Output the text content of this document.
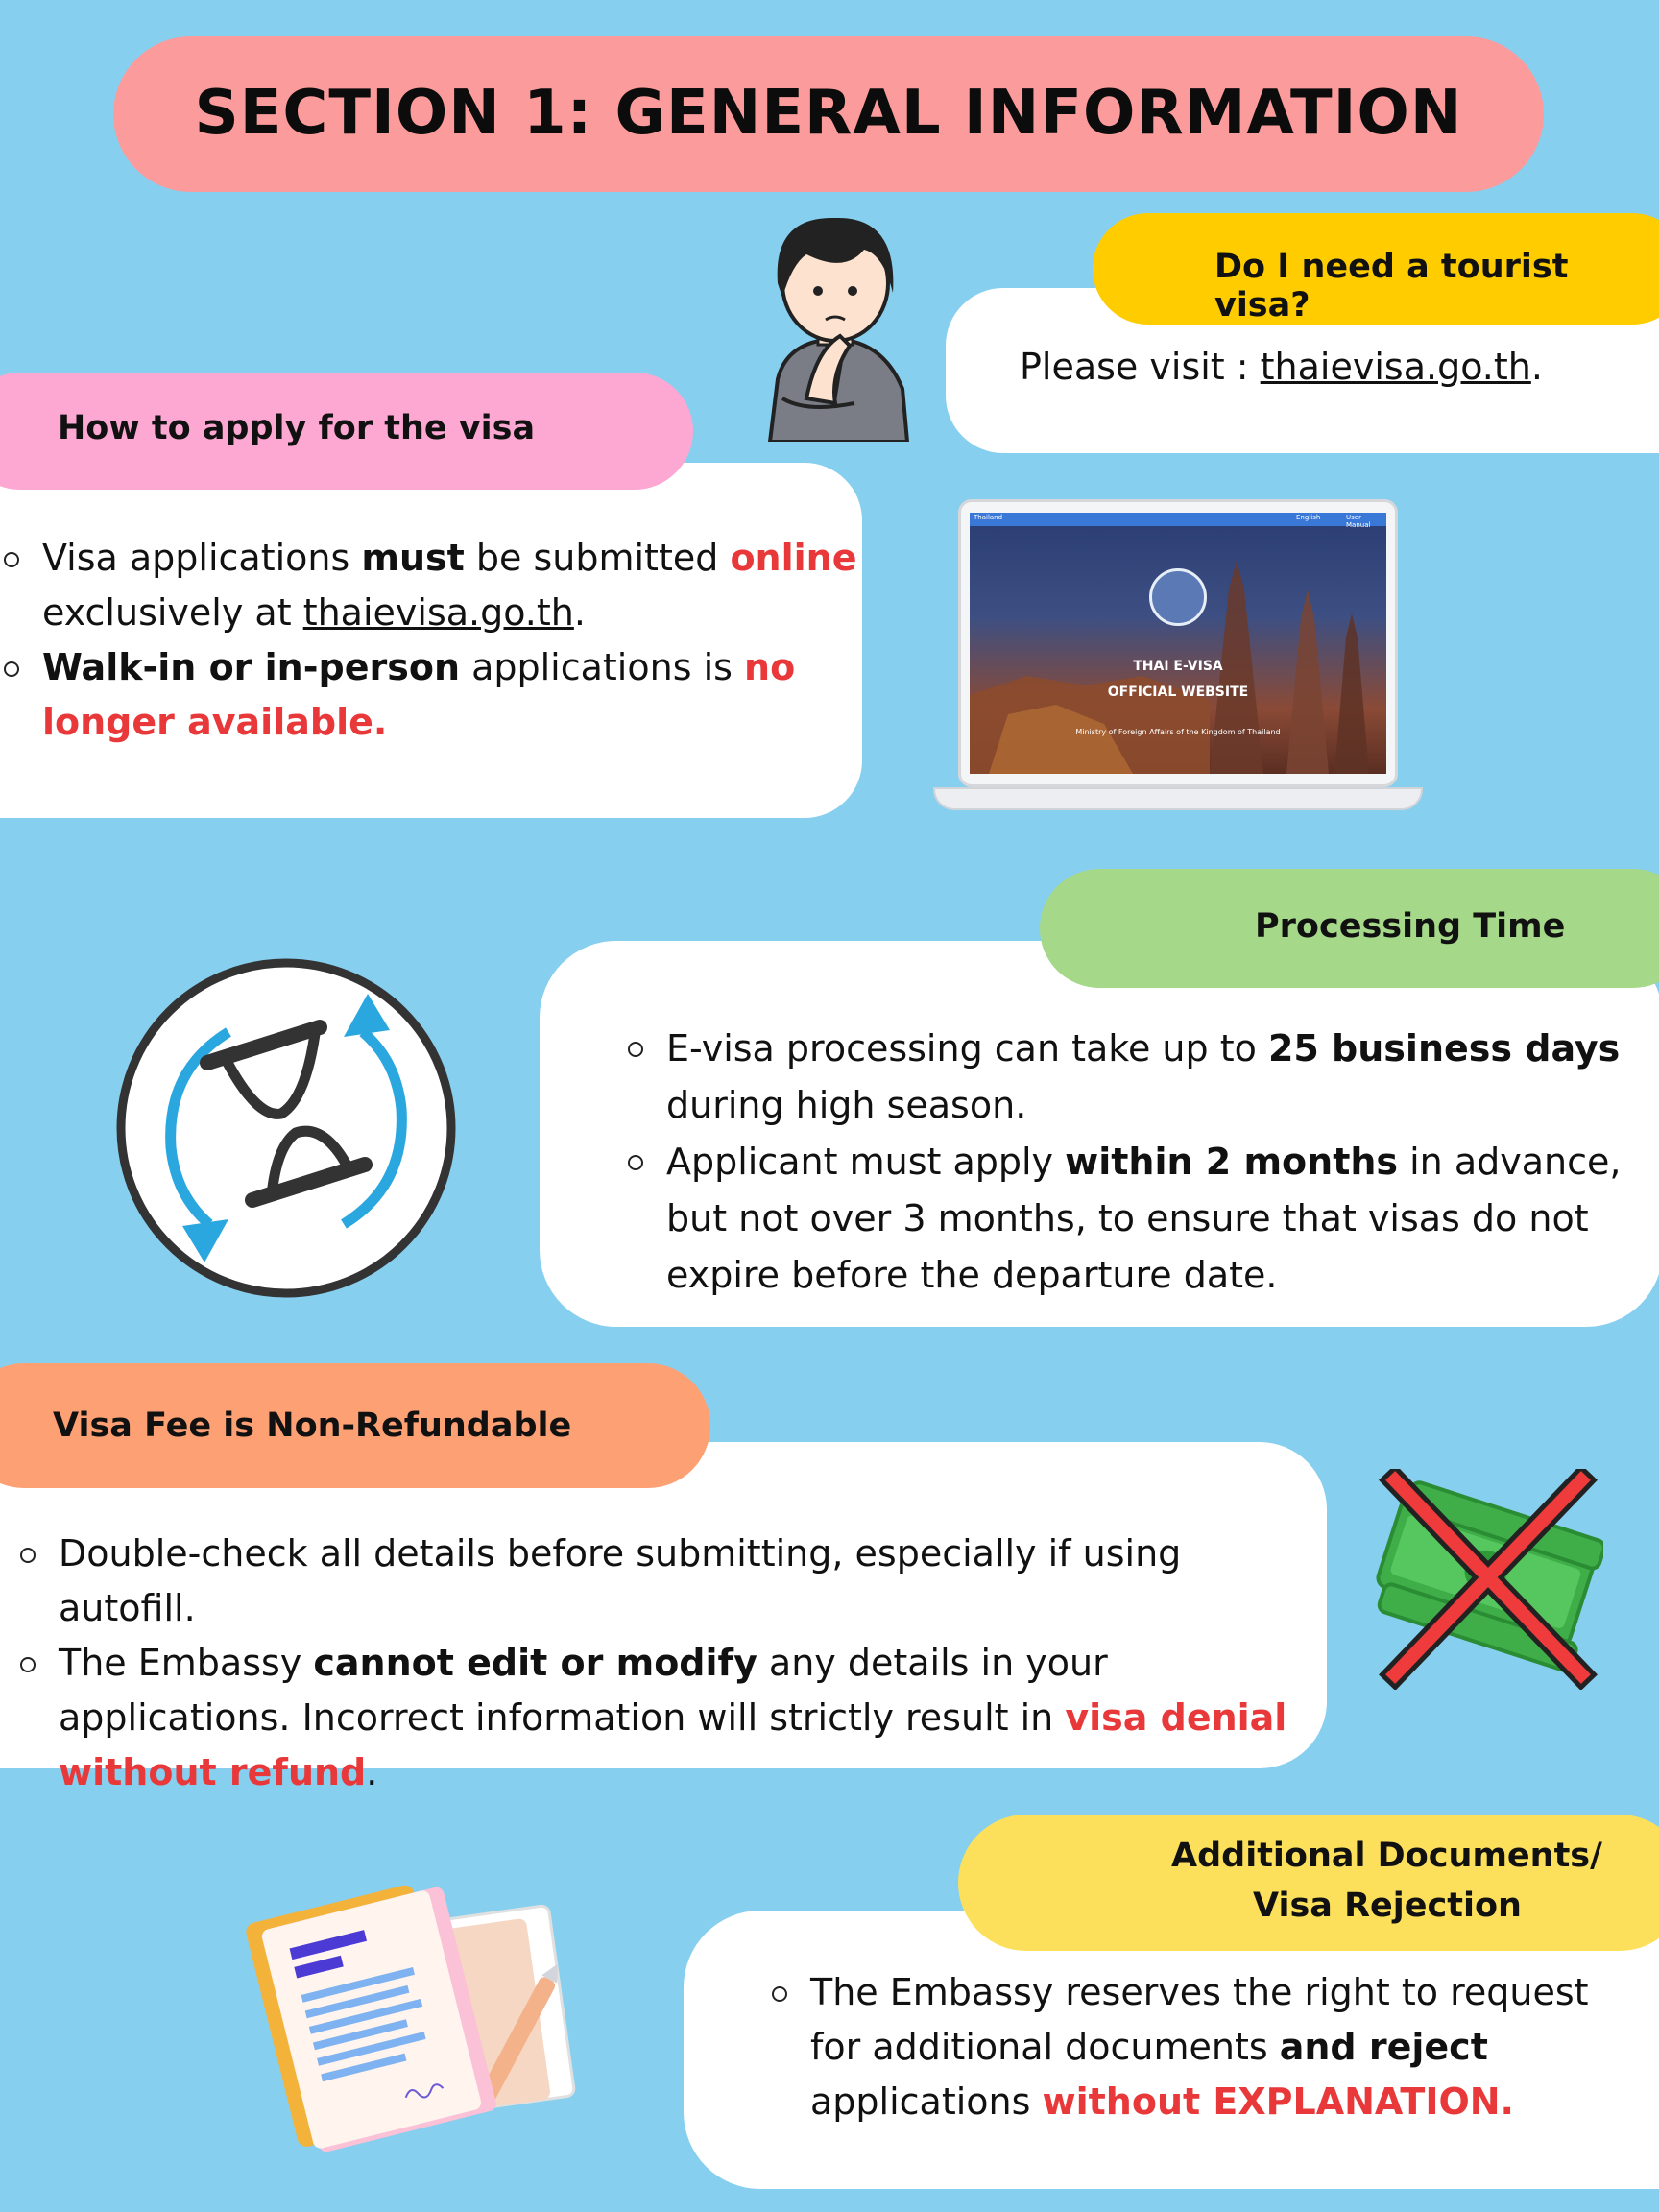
SECTION 1: GENERAL INFORMATION
Do I need a tourist visa?
Please visit : thaievisa.go.th.
How to apply for the visa
Visa applications must be submitted online exclusively at thaievisa.go.th.
Walk-in or in-person applications is no longer available.
Thailand	English	User Manual
THAI E-VISA
OFFICIAL WEBSITE
Ministry of Foreign Affairs of the Kingdom of Thailand
Processing Time
E-visa processing can take up to 25 business days during high season.
Applicant must apply within 2 months in advance, but not over 3 months, to ensure that visas do not expire before the departure date.
Visa Fee is Non-Refundable
Double-check all details before submitting, especially if using autofill.
The Embassy cannot edit or modify any details in your applications. Incorrect information will strictly result in visa denial without refund.
Additional Documents/
Visa Rejection
The Embassy reserves the right to request for additional documents and reject applications without EXPLANATION.
